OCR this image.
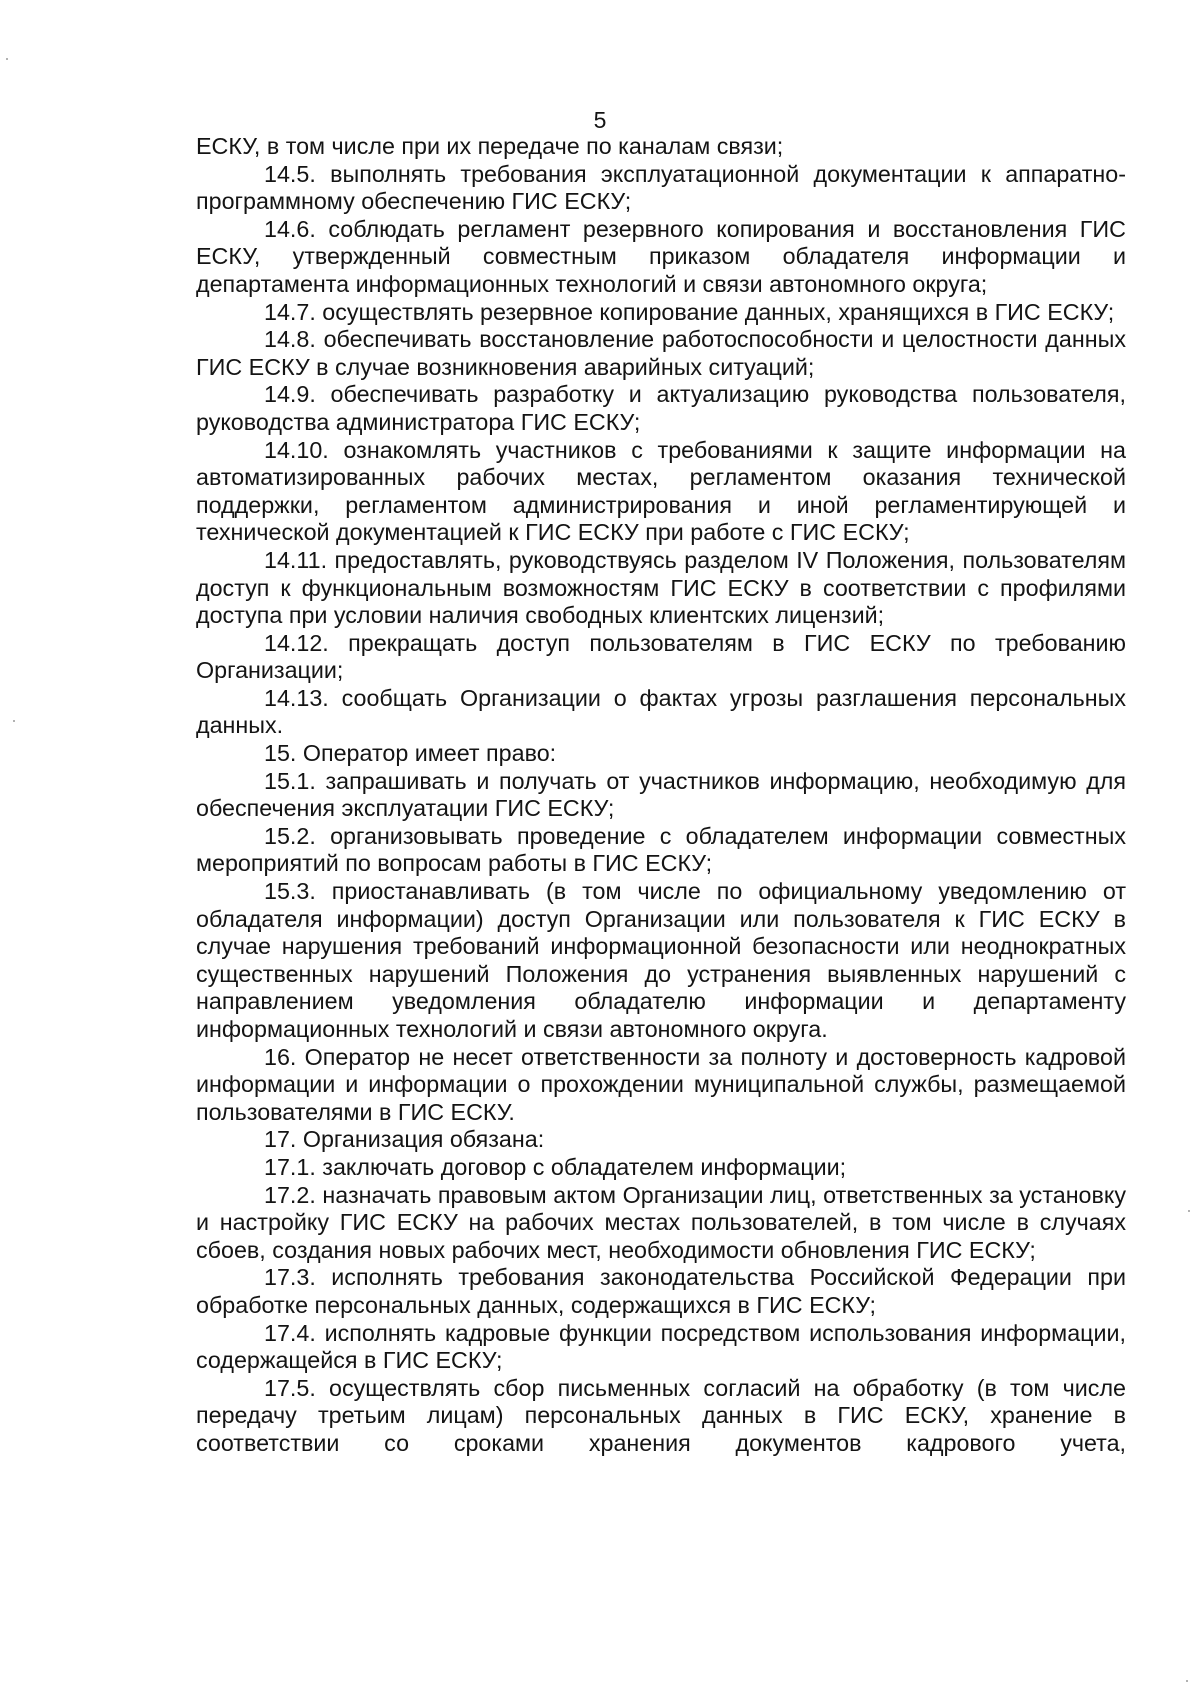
5

ЕСКУ, в том числе при их передаче по каналам связи;

14.5. выполнять требования эксплуатационной документации к аппаратно-программному обеспечению ГИС ЕСКУ;

14.6. соблюдать регламент резервного копирования и восстановления ГИС ЕСКУ, утвержденный совместным приказом обладателя информации и департамента информационных технологий и связи автономного округа;

14.7. осуществлять резервное копирование данных, хранящихся в ГИС ЕСКУ;

14.8. обеспечивать восстановление работоспособности и целостности данных ГИС ЕСКУ в случае возникновения аварийных ситуаций;

14.9. обеспечивать разработку и актуализацию руководства пользователя, руководства администратора ГИС ЕСКУ;

14.10. ознакомлять участников с требованиями к защите информации на автоматизированных рабочих местах, регламентом оказания технической поддержки, регламентом администрирования и иной регламентирующей и технической документацией к ГИС ЕСКУ при работе с ГИС ЕСКУ;

14.11. предоставлять, руководствуясь разделом IV Положения, пользователям доступ к функциональным возможностям ГИС ЕСКУ в соответствии с профилями доступа при условии наличия свободных клиентских лицензий;

14.12. прекращать доступ пользователям в ГИС ЕСКУ по требованию Организации;

14.13. сообщать Организации о фактах угрозы разглашения персональных данных.

15. Оператор имеет право:

15.1. запрашивать и получать от участников информацию, необходимую для обеспечения эксплуатации ГИС ЕСКУ;

15.2. организовывать проведение с обладателем информации совместных мероприятий по вопросам работы в ГИС ЕСКУ;

15.3. приостанавливать (в том числе по официальному уведомлению от обладателя информации) доступ Организации или пользователя к ГИС ЕСКУ в случае нарушения требований информационной безопасности или неоднократных существенных нарушений Положения до устранения выявленных нарушений с направлением уведомления обладателю информации и департаменту информационных технологий и связи автономного округа.

16. Оператор не несет ответственности за полноту и достоверность кадровой информации и информации о прохождении муниципальной службы, размещаемой пользователями в ГИС ЕСКУ.

17. Организация обязана:

17.1. заключать договор с обладателем информации;

17.2. назначать правовым актом Организации лиц, ответственных за установку и настройку ГИС ЕСКУ на рабочих местах пользователей, в том числе в случаях сбоев, создания новых рабочих мест, необходимости обновления ГИС ЕСКУ;

17.3. исполнять требования законодательства Российской Федерации при обработке персональных данных, содержащихся в ГИС ЕСКУ;

17.4. исполнять кадровые функции посредством использования информации, содержащейся в ГИС ЕСКУ;

17.5. осуществлять сбор письменных согласий на обработку (в том числе передачу третьим лицам) персональных данных в ГИС ЕСКУ, хранение в соответствии со сроками хранения документов кадрового учета,
